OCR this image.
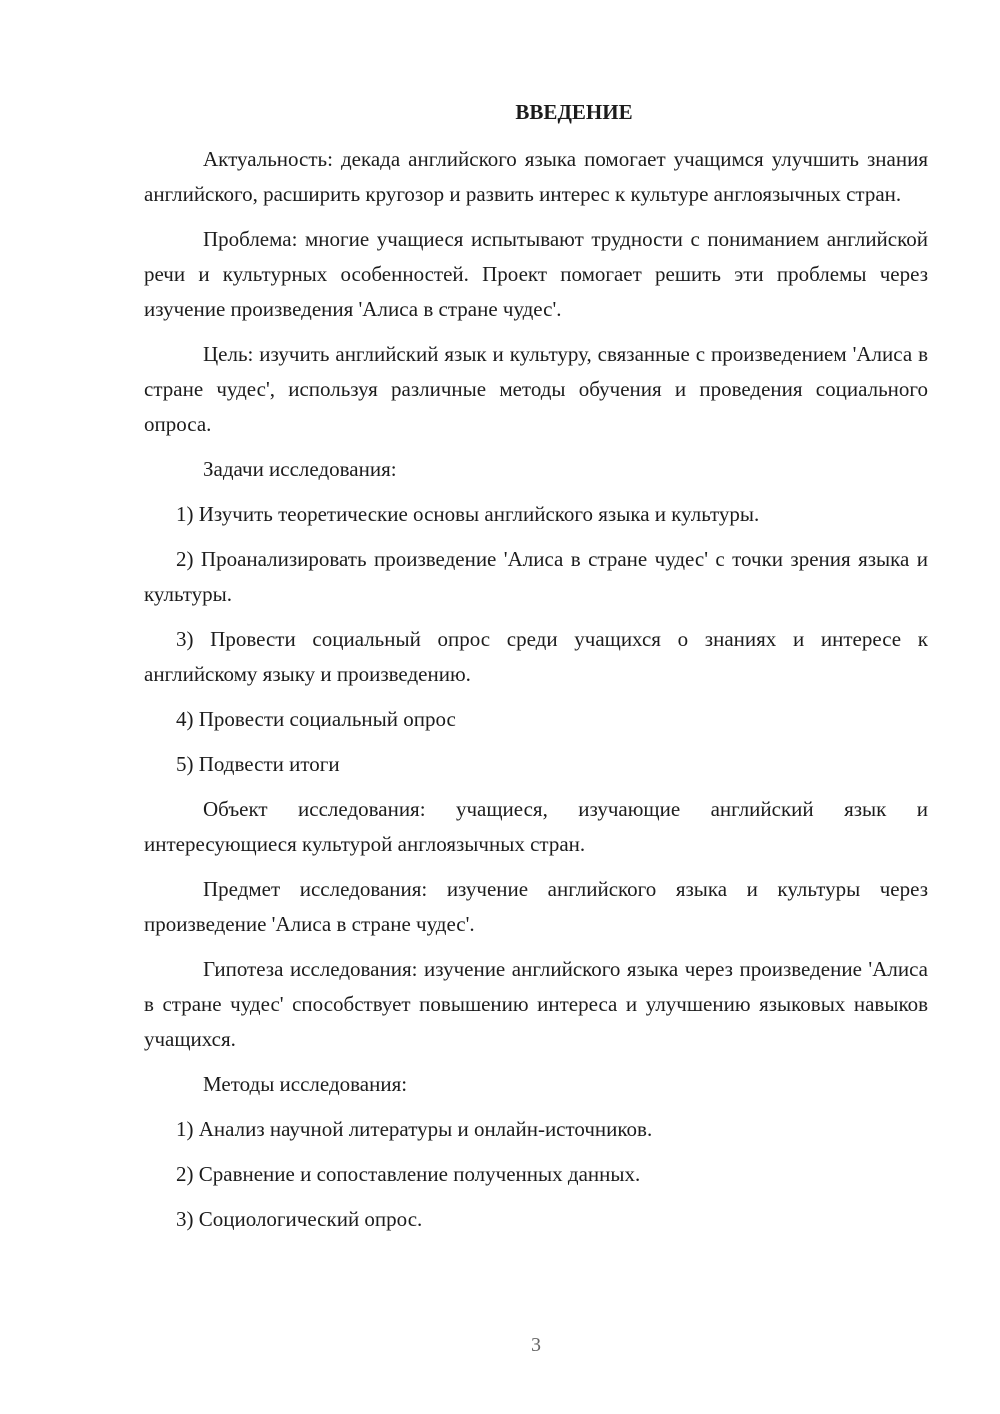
ВВЕДЕНИЕ

Актуальность: декада английского языка помогает учащимся улучшить знания английского, расширить кругозор и развить интерес к культуре англоязычных стран.

Проблема: многие учащиеся испытывают трудности с пониманием английской речи и культурных особенностей. Проект помогает решить эти проблемы через изучение произведения 'Алиса в стране чудес'.

Цель: изучить английский язык и культуру, связанные с произведением 'Алиса в стране чудес', используя различные методы обучения и проведения социального опроса.

Задачи исследования:

1) Изучить теоретические основы английского языка и культуры.

2) Проанализировать произведение 'Алиса в стране чудес' с точки зрения языка и культуры.

3) Провести социальный опрос среди учащихся о знаниях и интересе к английскому языку и произведению.

4) Провести социальный опрос

5) Подвести итоги

Объект исследования: учащиеся, изучающие английский язык и интересующиеся культурой англоязычных стран.

Предмет исследования: изучение английского языка и культуры через произведение 'Алиса в стране чудес'.

Гипотеза исследования: изучение английского языка через произведение 'Алиса в стране чудес' способствует повышению интереса и улучшению языковых навыков учащихся.

Методы исследования:

1) Анализ научной литературы и онлайн-источников.

2) Сравнение и сопоставление полученных данных.

3) Социологический опрос.

3
